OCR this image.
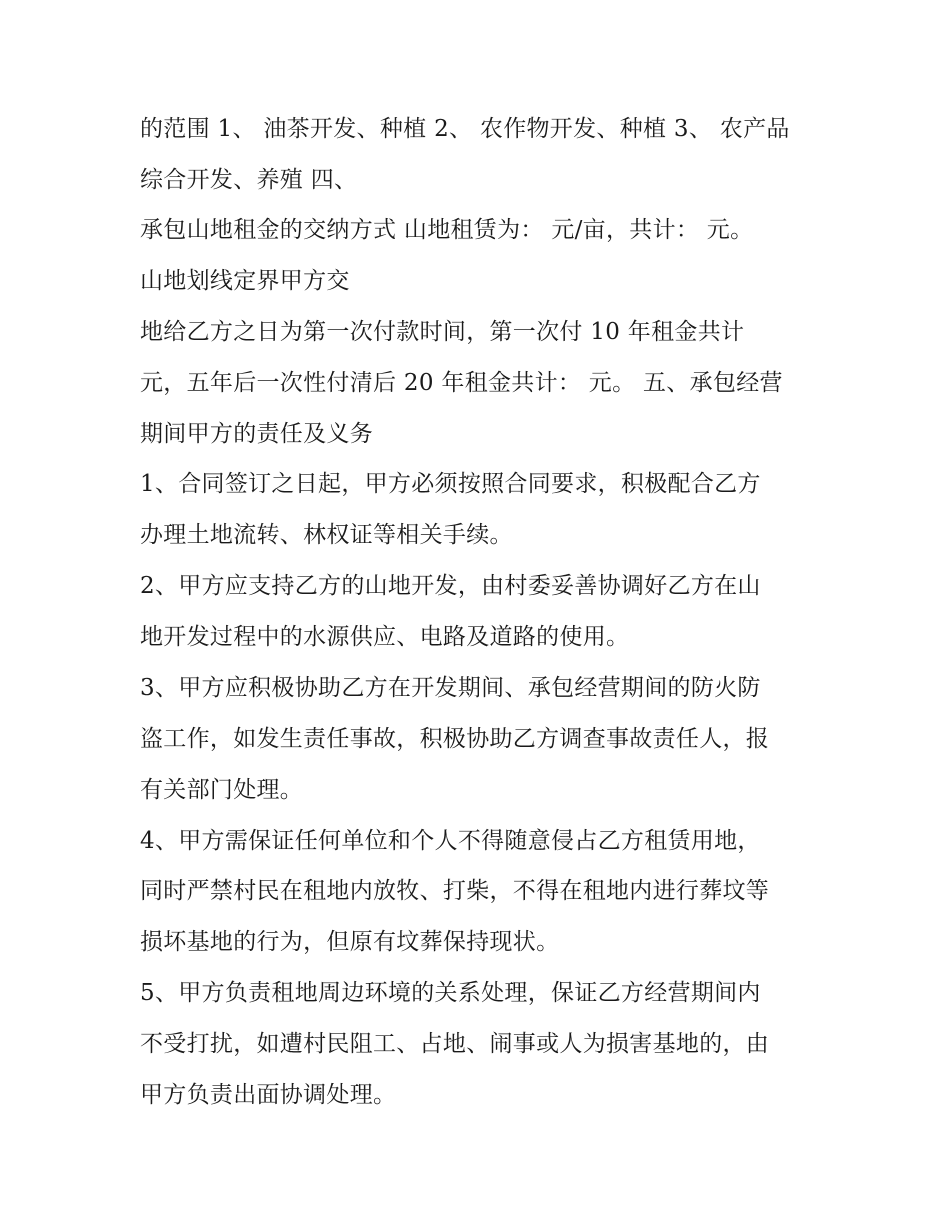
的范围 1、 油茶开发、种植 2、 农作物开发、种植 3、 农产品
综合开发、养殖 四、
承包山地租金的交纳方式 山地租赁为： 元/亩，共计： 元。
山地划线定界甲方交
地给乙方之日为第一次付款时间，第一次付 10 年租金共计
元，五年后一次性付清后 20 年租金共计： 元。 五、承包经营
期间甲方的责任及义务
1、合同签订之日起，甲方必须按照合同要求，积极配合乙方
办理土地流转、林权证等相关手续。
2、甲方应支持乙方的山地开发，由村委妥善协调好乙方在山
地开发过程中的水源供应、电路及道路的使用。
3、甲方应积极协助乙方在开发期间、承包经营期间的防火防
盗工作，如发生责任事故，积极协助乙方调查事故责任人，报
有关部门处理。
4、甲方需保证任何单位和个人不得随意侵占乙方租赁用地，
同时严禁村民在租地内放牧、打柴，不得在租地内进行葬坟等
损坏基地的行为，但原有坟葬保持现状。
5、甲方负责租地周边环境的关系处理，保证乙方经营期间内
不受打扰，如遭村民阻工、占地、闹事或人为损害基地的，由
甲方负责出面协调处理。
